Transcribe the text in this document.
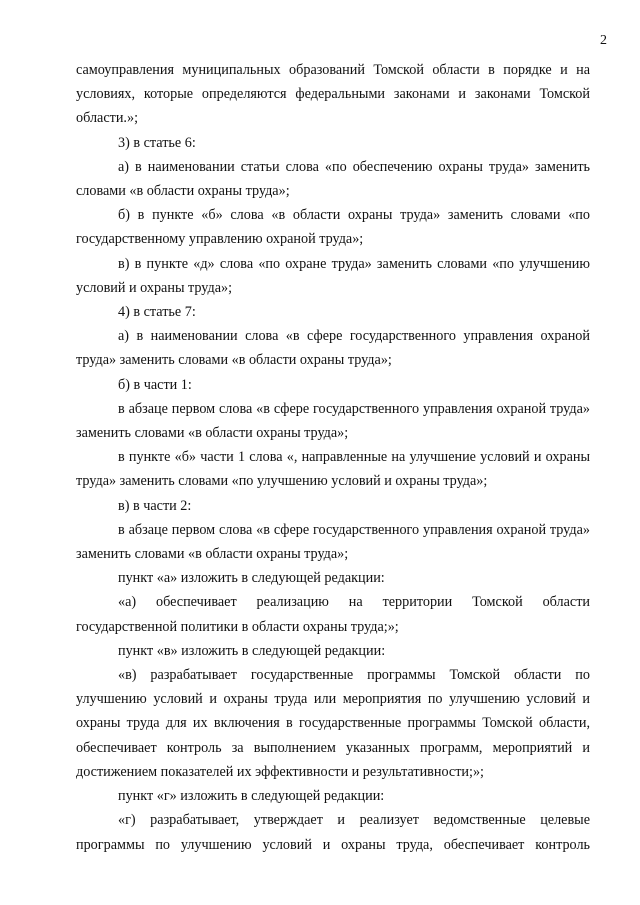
2

самоуправления муниципальных образований Томской области в порядке и на условиях, которые определяются федеральными законами и законами Томской области.»;

3) в статье 6:

а) в наименовании статьи слова «по обеспечению охраны труда» заменить словами «в области охраны труда»;

б) в пункте «б» слова «в области охраны труда» заменить словами «по государственному управлению охраной труда»;

в) в пункте «д» слова «по охране труда» заменить словами «по улучшению условий и охраны труда»;

4) в статье 7:

а) в наименовании слова «в сфере государственного управления охраной труда» заменить словами «в области охраны труда»;

б) в части 1:

в абзаце первом слова «в сфере государственного управления охраной труда» заменить словами «в области охраны труда»;

в пункте «б» части 1 слова «, направленные на улучшение условий и охраны труда» заменить словами «по улучшению условий и охраны труда»;

в) в части 2:

в абзаце первом слова «в сфере государственного управления охраной труда» заменить словами «в области охраны труда»;

пункт «а» изложить в следующей редакции:

«а) обеспечивает реализацию на территории Томской области государственной политики в области охраны труда;»;

пункт «в» изложить в следующей редакции:

«в) разрабатывает государственные программы Томской области по улучшению условий и охраны труда или мероприятия по улучшению условий и охраны труда для их включения в государственные программы Томской области, обеспечивает контроль за выполнением указанных программ, мероприятий и достижением показателей их эффективности и результативности;»;

пункт «г» изложить в следующей редакции:

«г) разрабатывает, утверждает и реализует ведомственные целевые программы по улучшению условий и охраны труда, обеспечивает контроль
